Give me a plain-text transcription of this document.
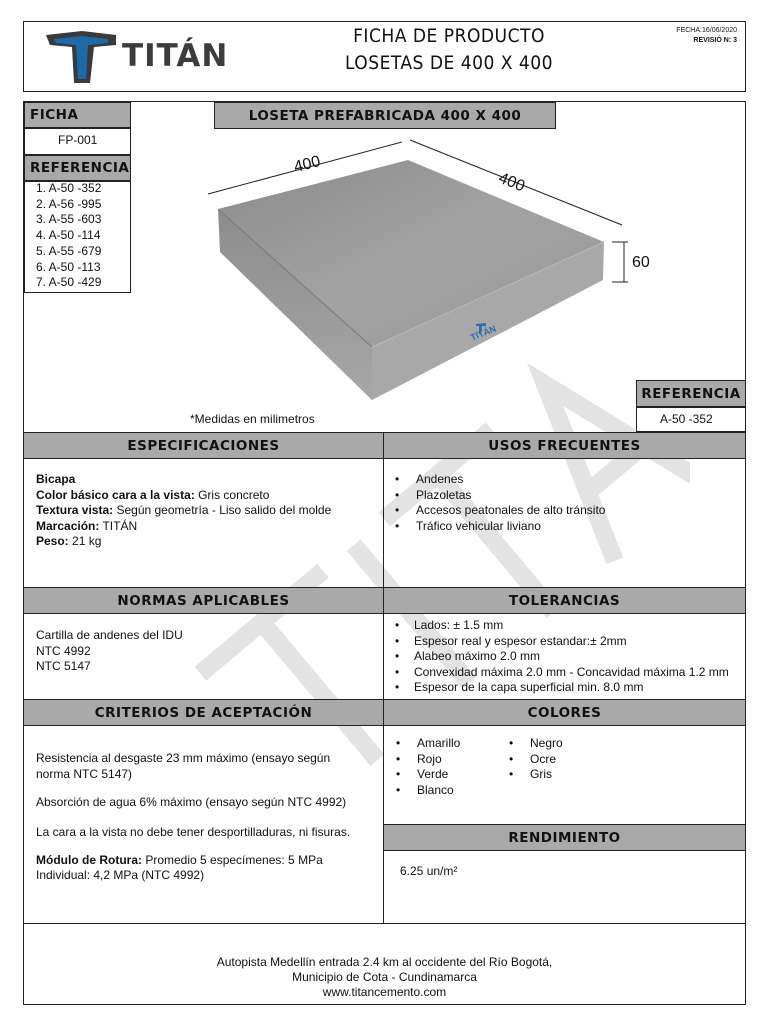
TITÁN
FICHA DE PRODUCTO
LOSETAS DE 400 X 400
FECHA:16/06/2020
REVISIÓ N: 3
FICHA
FP-001
REFERENCIA
1. A-50 -352
2. A-56 -995
3. A-55 -603
4. A-50 -114
5. A-55 -679
6. A-50 -113
7. A-50 -429
LOSETA PREFABRICADA 400 X 400
400
400
60
TITÁN
*Medidas en milimetros
REFERENCIA
A-50 -352
ESPECIFICACIONES	USOS FRECUENTES
Bicapa
Color básico cara a la vista: Gris concreto
Textura vista: Según geometría - Liso salido del molde
Marcación: TITÁN
Peso: 21 kg
• Andenes
• Plazoletas
• Accesos peatonales de alto tránsito
• Tráfico vehicular liviano
NORMAS APLICABLES	TOLERANCIAS
Cartilla de andenes del IDU
NTC 4992
NTC 5147
• Lados: ± 1.5 mm
• Espesor real y espesor estandar:± 2mm
• Alabeo máximo 2.0 mm
• Convexidad máxima 2.0 mm - Concavidad máxima 1.2 mm
• Espesor de la capa superficial min. 8.0 mm
CRITERIOS DE ACEPTACIÓN	COLORES
Resistencia al desgaste 23 mm máximo (ensayo según norma NTC 5147)
Absorción de agua 6% máximo (ensayo según NTC 4992)
La cara a la vista no debe tener desportilladuras, ni fisuras.
Módulo de Rotura: Promedio 5 especímenes: 5 MPa
Individual: 4,2 MPa (NTC 4992)
• Amarillo
• Rojo
• Verde
• Blanco
• Negro
• Ocre
• Gris
RENDIMIENTO
6.25 un/m²
Autopista Medellín entrada 2.4 km al occidente del Río Bogotá,
Municipio de Cota - Cundinamarca
www.titancemento.com
